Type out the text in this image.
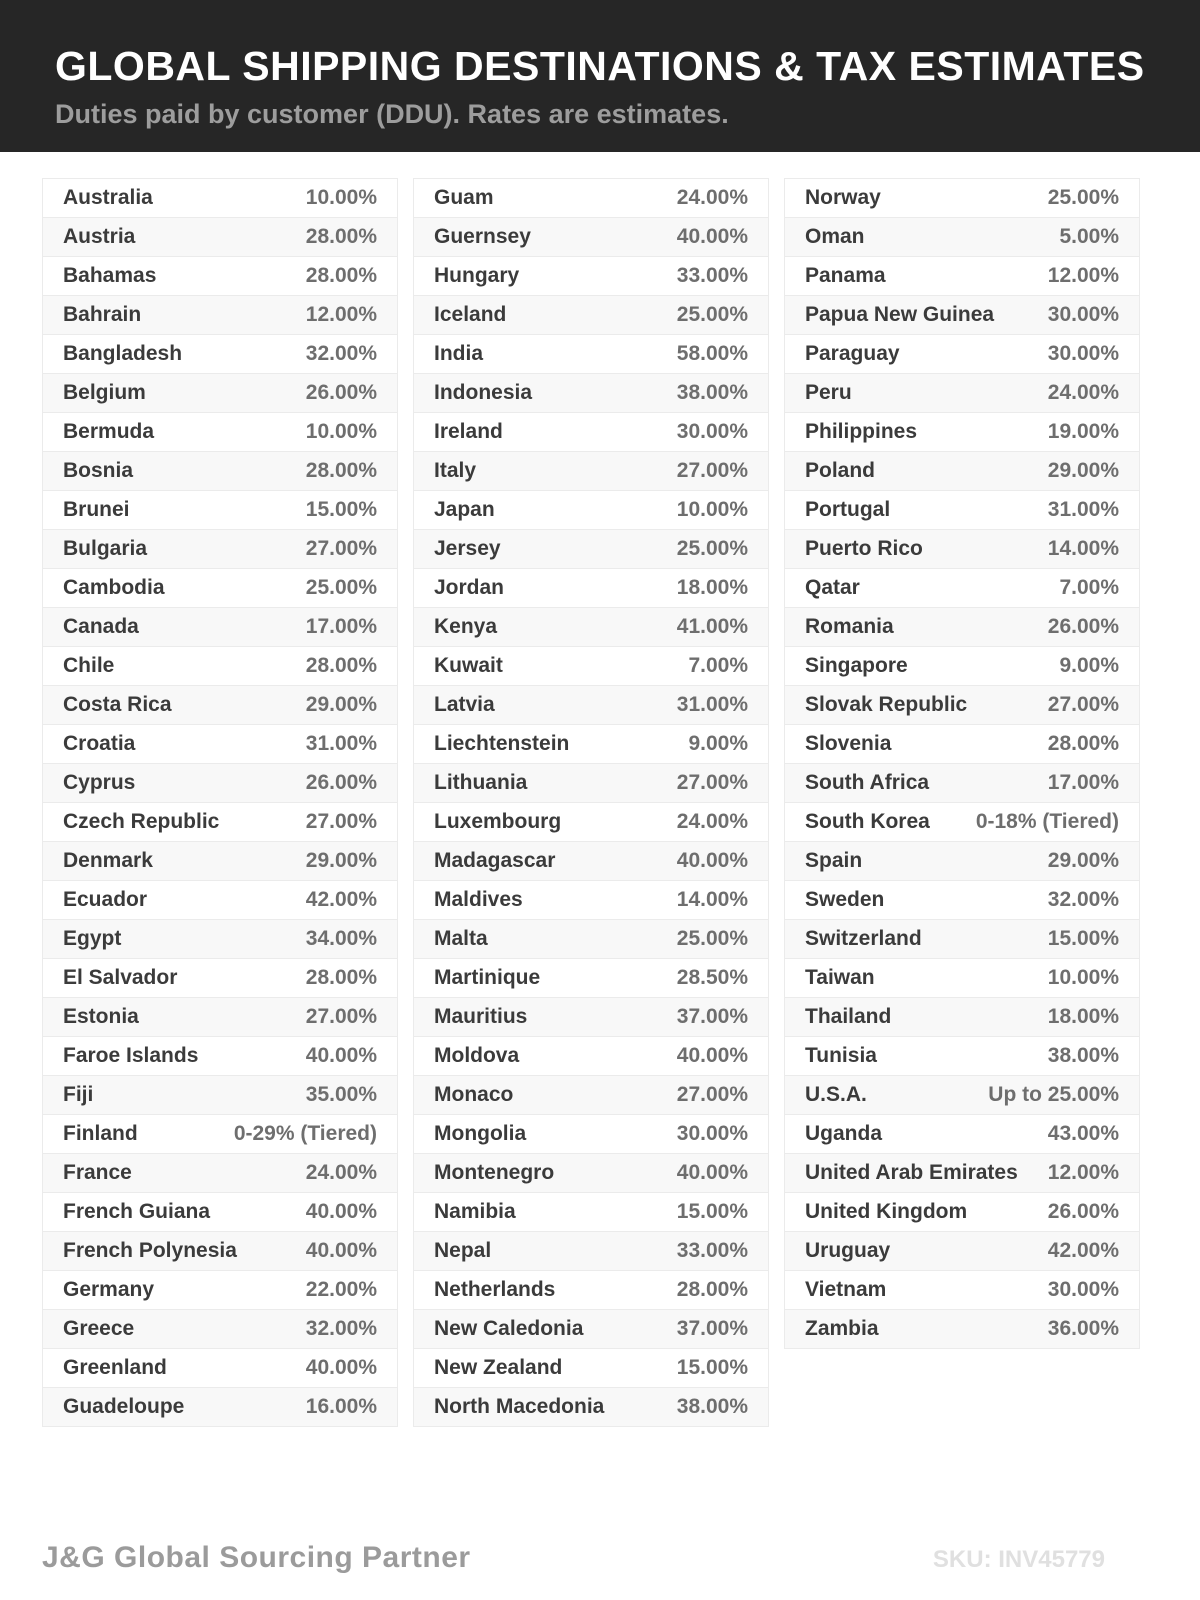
GLOBAL SHIPPING DESTINATIONS & TAX ESTIMATES
Duties paid by customer (DDU). Rates are estimates.
Australia	10.00%
Austria	28.00%
Bahamas	28.00%
Bahrain	12.00%
Bangladesh	32.00%
Belgium	26.00%
Bermuda	10.00%
Bosnia	28.00%
Brunei	15.00%
Bulgaria	27.00%
Cambodia	25.00%
Canada	17.00%
Chile	28.00%
Costa Rica	29.00%
Croatia	31.00%
Cyprus	26.00%
Czech Republic	27.00%
Denmark	29.00%
Ecuador	42.00%
Egypt	34.00%
El Salvador	28.00%
Estonia	27.00%
Faroe Islands	40.00%
Fiji	35.00%
Finland	0-29% (Tiered)
France	24.00%
French Guiana	40.00%
French Polynesia	40.00%
Germany	22.00%
Greece	32.00%
Greenland	40.00%
Guadeloupe	16.00%
Guam	24.00%
Guernsey	40.00%
Hungary	33.00%
Iceland	25.00%
India	58.00%
Indonesia	38.00%
Ireland	30.00%
Italy	27.00%
Japan	10.00%
Jersey	25.00%
Jordan	18.00%
Kenya	41.00%
Kuwait	7.00%
Latvia	31.00%
Liechtenstein	9.00%
Lithuania	27.00%
Luxembourg	24.00%
Madagascar	40.00%
Maldives	14.00%
Malta	25.00%
Martinique	28.50%
Mauritius	37.00%
Moldova	40.00%
Monaco	27.00%
Mongolia	30.00%
Montenegro	40.00%
Namibia	15.00%
Nepal	33.00%
Netherlands	28.00%
New Caledonia	37.00%
New Zealand	15.00%
North Macedonia	38.00%
Norway	25.00%
Oman	5.00%
Panama	12.00%
Papua New Guinea	30.00%
Paraguay	30.00%
Peru	24.00%
Philippines	19.00%
Poland	29.00%
Portugal	31.00%
Puerto Rico	14.00%
Qatar	7.00%
Romania	26.00%
Singapore	9.00%
Slovak Republic	27.00%
Slovenia	28.00%
South Africa	17.00%
South Korea 0-18% (Tiered)
Spain	29.00%
Sweden	32.00%
Switzerland	15.00%
Taiwan	10.00%
Thailand	18.00%
Tunisia	38.00%
U.S.A.	Up to 25.00%
Uganda	43.00%
United Arab Emirates 12.00%
United Kingdom	26.00%
Uruguay	42.00%
Vietnam	30.00%
Zambia	36.00%
J&G Global Sourcing Partner	SKU: INV45779
